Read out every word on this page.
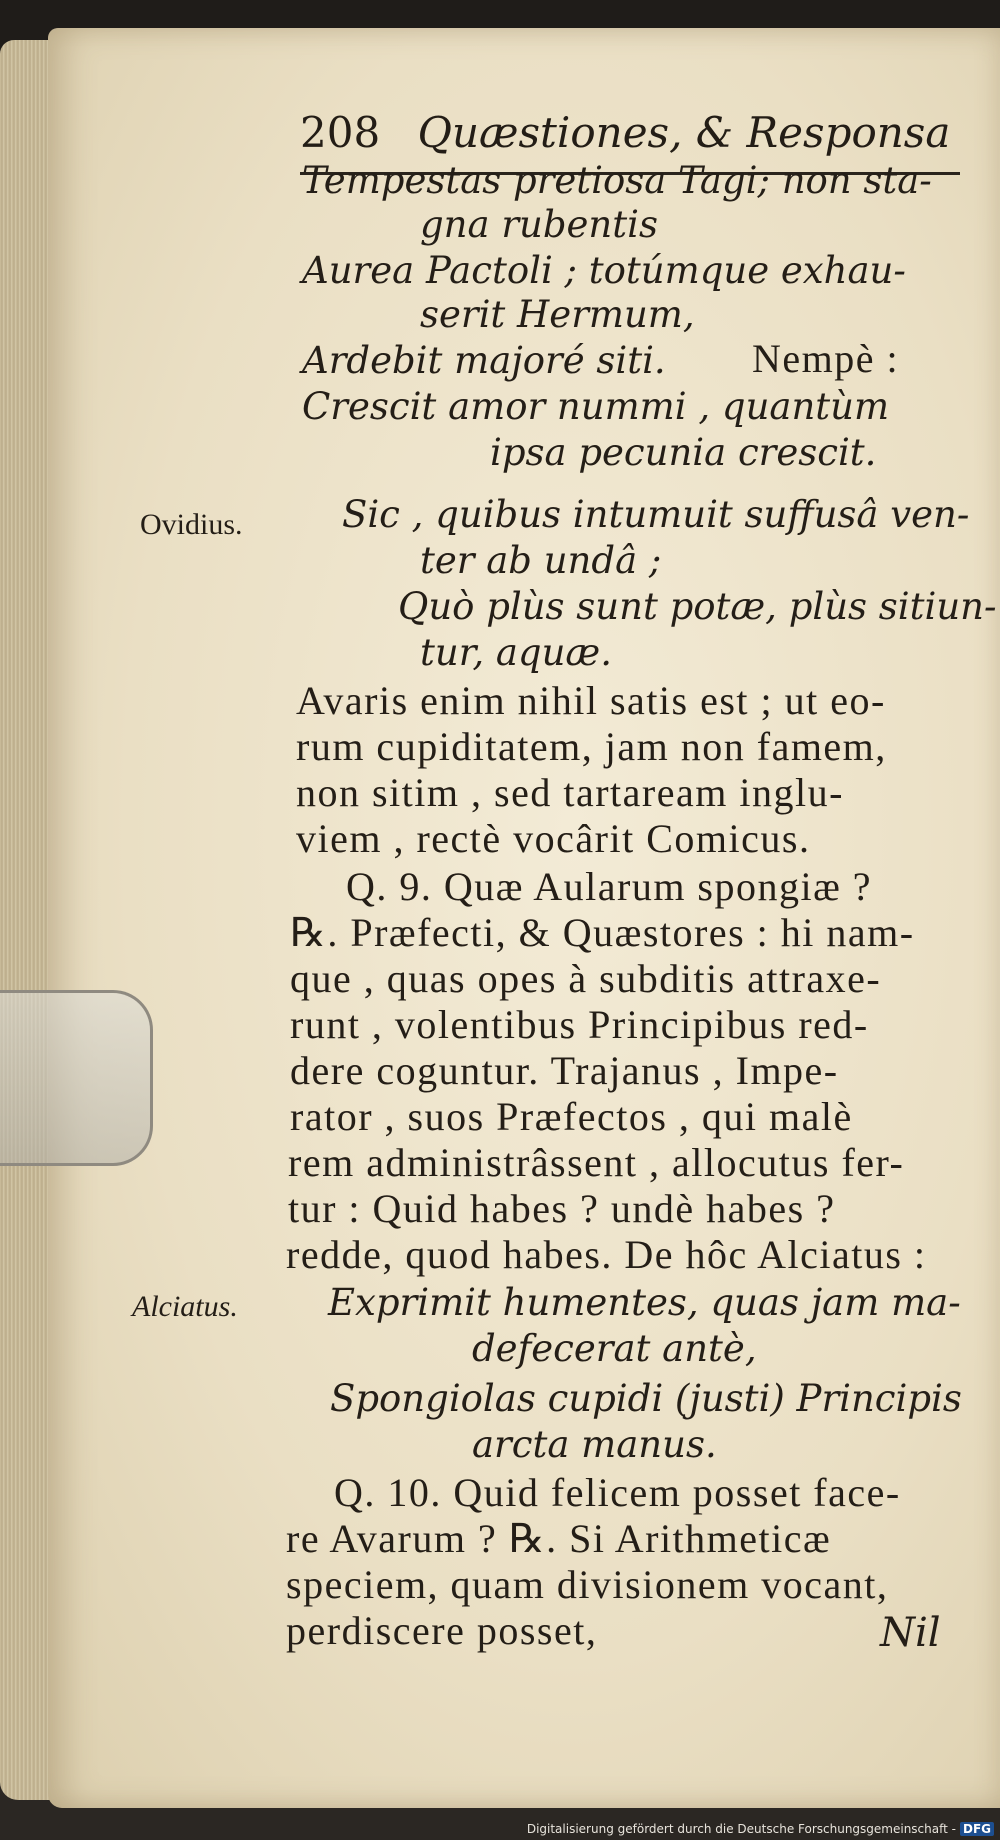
208 Quæstiones, & Responsa
Tempestas pretiosa Tagi; non sta-
gna rubentis
Aurea Pactoli ; totúmque exhau-
serit Hermum,
Ardebit majoré siti. Nempè :
Crescit amor nummi , quantùm
ipsa pecunia crescit.
Sic , quibus intumuit suffusâ ven-
ter ab undâ ;
Quò plùs sunt potæ, plùs sitiun-
tur, aquæ.
Avaris enim nihil satis est ; ut eo-
rum cupiditatem, jam non famem,
non sitim , sed tartaream inglu-
viem , rectè vocârit Comicus.
Q. 9. Quæ Aularum spongiæ ?
℞. Præfecti, & Quæstores : hi nam-
que , quas opes à subditis attraxe-
runt , volentibus Principibus red-
dere coguntur. Trajanus , Impe-
rator , suos Præfectos , qui malè
rem administrâssent , allocutus fer-
tur : Quid habes ? undè habes ?
redde, quod habes. De hôc Alciatus :
Exprimit humentes, quas jam ma-
defecerat antè,
Spongiolas cupidi (justi) Principis
arcta manus.
Q. 10. Quid felicem posset face-
re Avarum ? ℞. Si Arithmeticæ
speciem, quam divisionem vocant,
perdiscere posset,	Nil
Ovidius.
Alciatus.
Digitalisierung gefördert durch die Deutsche Forschungsgemeinschaft - DFG
